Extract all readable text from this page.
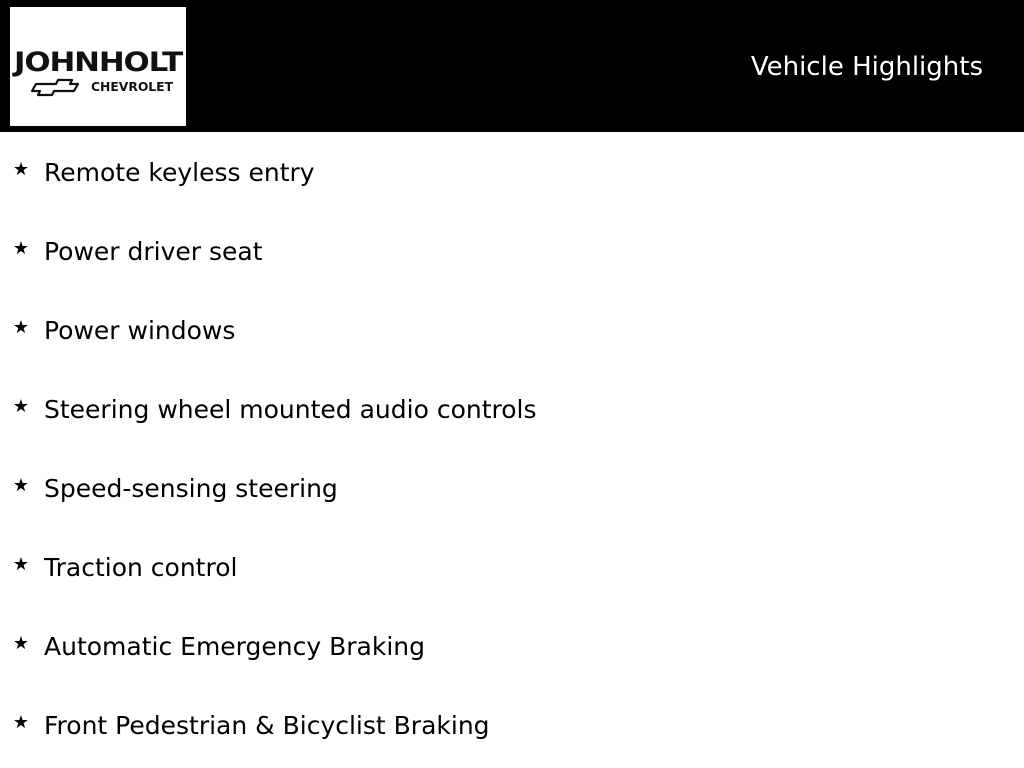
JOHNHOLT
CHEVROLET
Vehicle Highlights
★ Remote keyless entry
★ Power driver seat
★ Power windows
★ Steering wheel mounted audio controls
★ Speed-sensing steering
★ Traction control
★ Automatic Emergency Braking
★ Front Pedestrian & Bicyclist Braking
